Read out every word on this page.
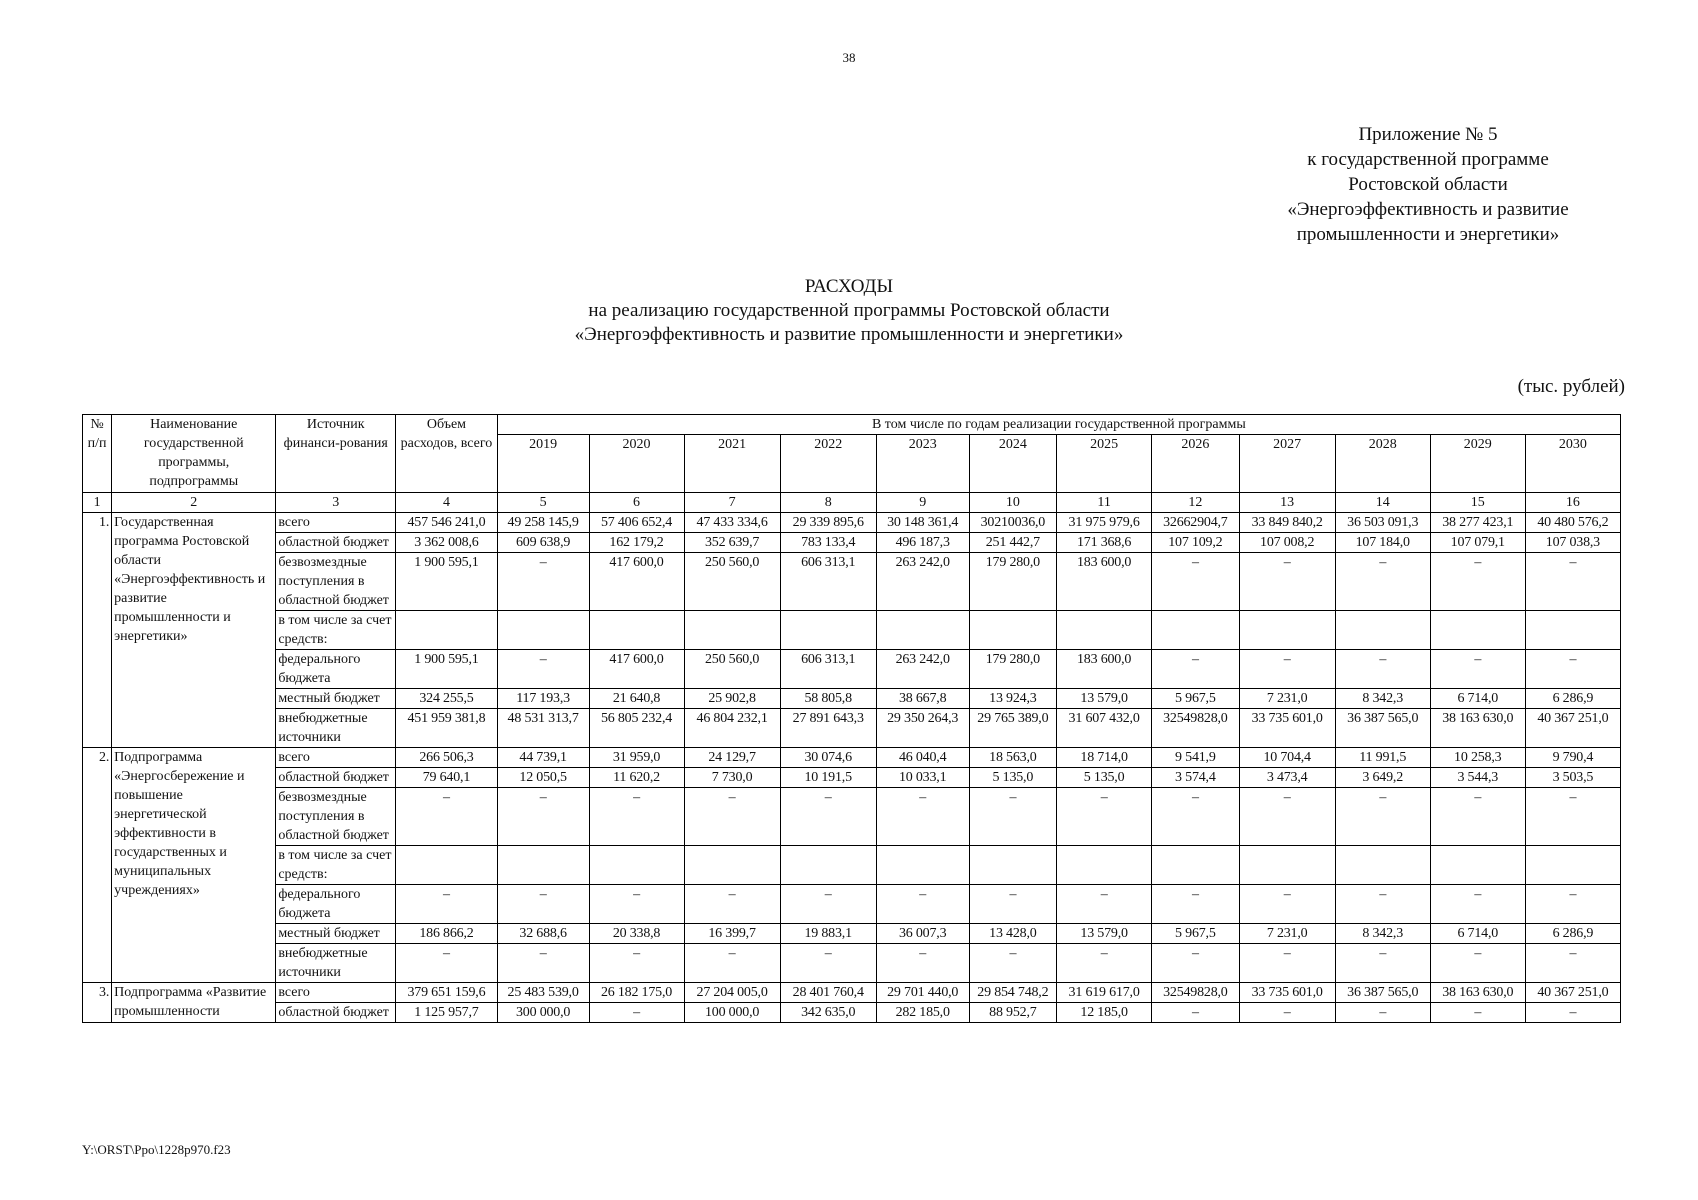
38
Приложение № 5
к государственной программе
Ростовской области
«Энергоэффективность и развитие
промышленности и энергетики»
РАСХОДЫ
на реализацию государственной программы Ростовской области
«Энергоэффективность и развитие промышленности и энергетики»
(тыс. рублей)
№ п/п	Наименование государственной программы, подпрограммы	Источник финанси-рования	Объем расходов, всего	В том числе по годам реализации государственной программы											
				2019	2020	2021	2022	2023	2024	2025	2026	2027	2028	2029	2030
1	2	3	4	5	6	7	8	9	10	11	12	13	14	15	16
1.	Государственная программа Ростовской области «Энергоэффективность и развитие промышленности и энергетики»	всего	457 546 241,0	49 258 145,9	57 406 652,4	47 433 334,6	29 339 895,6	30 148 361,4	30210036,0	31 975 979,6	32662904,7	33 849 840,2	36 503 091,3	38 277 423,1	40 480 576,2
		областной бюджет	3 362 008,6	609 638,9	162 179,2	352 639,7	783 133,4	496 187,3	251 442,7	171 368,6	107 109,2	107 008,2	107 184,0	107 079,1	107 038,3
		безвозмездные поступления в областной бюджет	1 900 595,1	–	417 600,0	250 560,0	606 313,1	263 242,0	179 280,0	183 600,0	–	–	–	–	–
		в том числе за счет средств:													
		федерального бюджета	1 900 595,1	–	417 600,0	250 560,0	606 313,1	263 242,0	179 280,0	183 600,0	–	–	–	–	–
		местный бюджет	324 255,5	117 193,3	21 640,8	25 902,8	58 805,8	38 667,8	13 924,3	13 579,0	5 967,5	7 231,0	8 342,3	6 714,0	6 286,9
		внебюджетные источники	451 959 381,8	48 531 313,7	56 805 232,4	46 804 232,1	27 891 643,3	29 350 264,3	29 765 389,0	31 607 432,0	32549828,0	33 735 601,0	36 387 565,0	38 163 630,0	40 367 251,0
2.	Подпрограмма «Энергосбережение и повышение энергетической эффективности в государственных и муниципальных учреждениях»	всего	266 506,3	44 739,1	31 959,0	24 129,7	30 074,6	46 040,4	18 563,0	18 714,0	9 541,9	10 704,4	11 991,5	10 258,3	9 790,4
		областной бюджет	79 640,1	12 050,5	11 620,2	7 730,0	10 191,5	10 033,1	5 135,0	5 135,0	3 574,4	3 473,4	3 649,2	3 544,3	3 503,5
		безвозмездные поступления в областной бюджет	–	–	–	–	–	–	–	–	–	–	–	–	–
		в том числе за счет средств:													
		федерального бюджета	–	–	–	–	–	–	–	–	–	–	–	–	–
		местный бюджет	186 866,2	32 688,6	20 338,8	16 399,7	19 883,1	36 007,3	13 428,0	13 579,0	5 967,5	7 231,0	8 342,3	6 714,0	6 286,9
		внебюджетные источники	–	–	–	–	–	–	–	–	–	–	–	–	–
3.	Подпрограмма «Развитие промышленности	всего	379 651 159,6	25 483 539,0	26 182 175,0	27 204 005,0	28 401 760,4	29 701 440,0	29 854 748,2	31 619 617,0	32549828,0	33 735 601,0	36 387 565,0	38 163 630,0	40 367 251,0
		областной бюджет	1 125 957,7	300 000,0	–	100 000,0	342 635,0	282 185,0	88 952,7	12 185,0	–	–	–	–	–
Y:\ORST\Ppo\1228p970.f23
